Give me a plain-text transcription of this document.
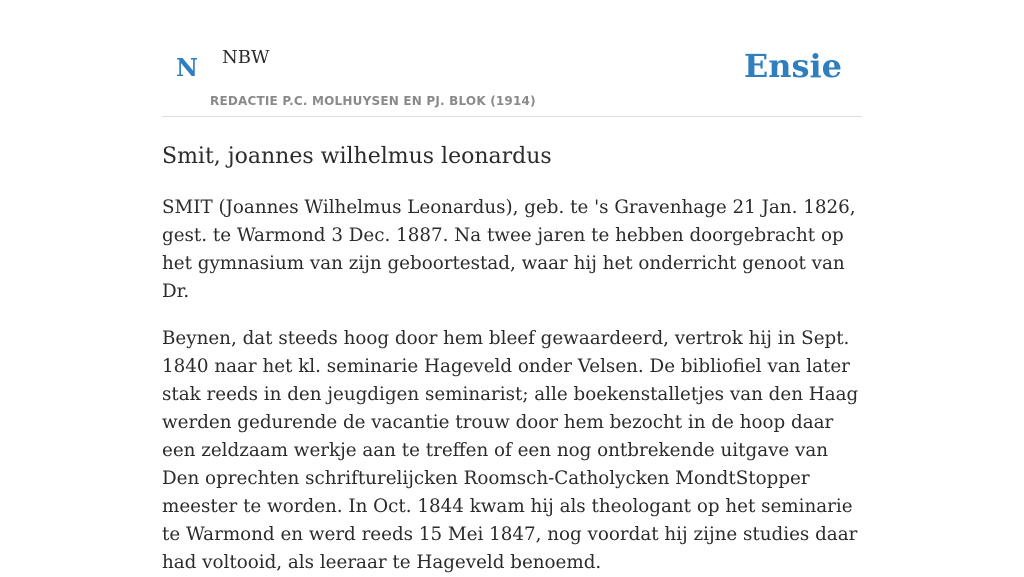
N NBW
REDACTIE P.C. MOLHUYSEN EN PJ. BLOK (1914)
Ensie
Smit, joannes wilhelmus leonardus

SMIT (Joannes Wilhelmus Leonardus), geb. te 's Gravenhage 21 Jan. 1826, gest. te Warmond 3 Dec. 1887. Na twee jaren te hebben doorgebracht op het gymnasium van zijn geboortestad, waar hij het onderricht genoot van Dr.

Beynen, dat steeds hoog door hem bleef gewaardeerd, vertrok hij in Sept. 1840 naar het kl. seminarie Hageveld onder Velsen. De bibliofiel van later stak reeds in den jeugdigen seminarist; alle boekenstalletjes van den Haag werden gedurende de vacantie trouw door hem bezocht in de hoop daar een zeldzaam werkje aan te treffen of een nog ontbrekende uitgave van Den oprechten schriftureliјcken Roomsch-Catholycken MondtStopper meester te worden. In Oct. 1844 kwam hij als theologant op het seminarie te Warmond en werd reeds 15 Mei 1847, nog voordat hij zijne studies daar had voltooid, als leeraar te Hageveld benoemd.
